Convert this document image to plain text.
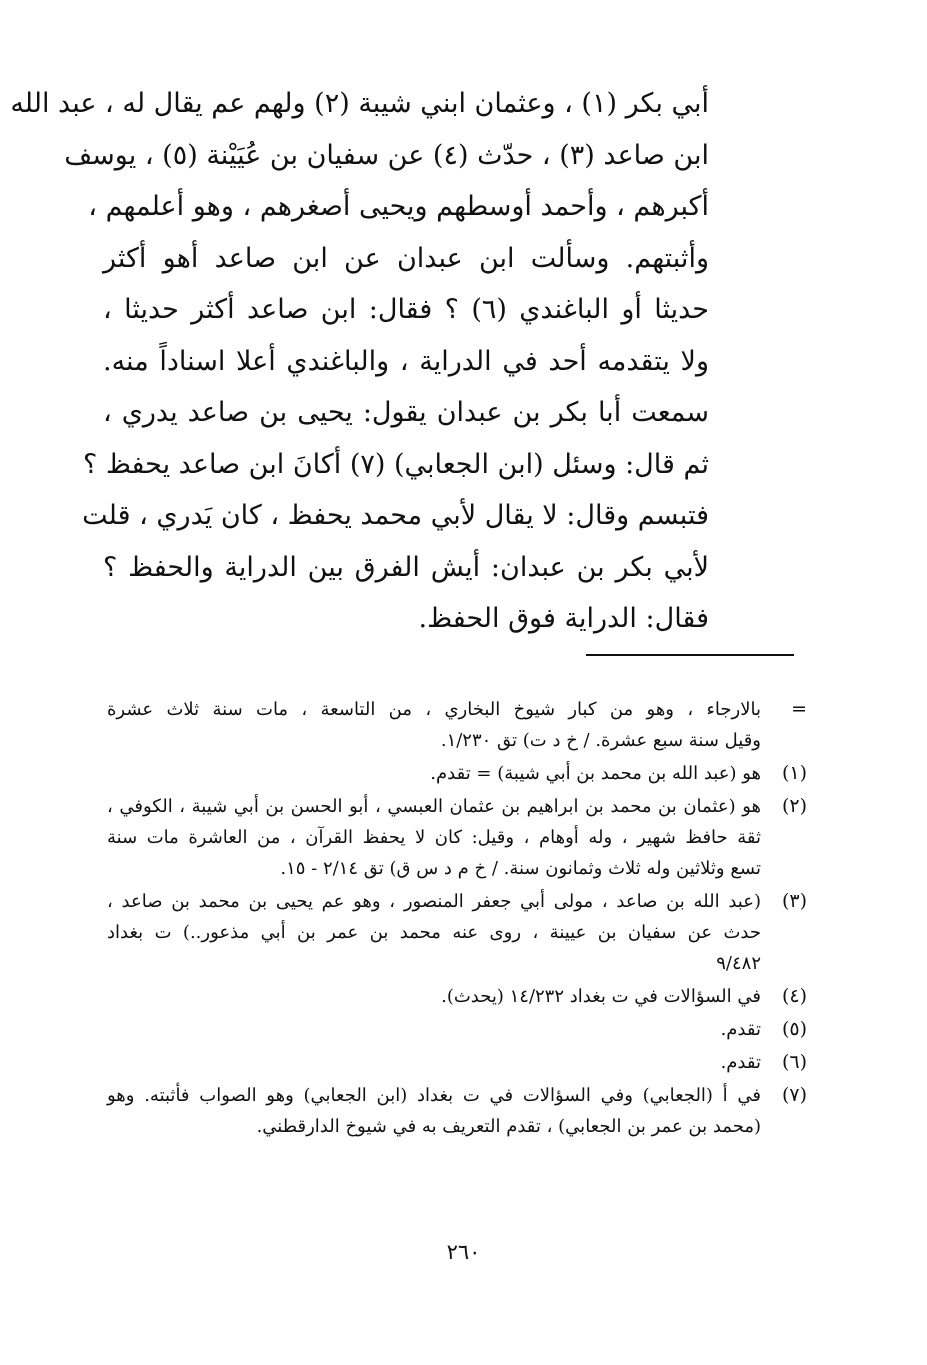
أبي بكر (١) ، وعثمان ابني شيبة (٢) ولهم عم يقال له ، عبد الله
ابن صاعد (٣) ، حدّث (٤) عن سفيان بن عُيَيْنة (٥) ، يوسف
أكبرهم ، وأحمد أوسطهم ويحيى أصغرهم ، وهو أعلمهم ،
وأثبتهم. وسألت ابن عبدان عن ابن صاعد أهو أكثر
حديثا أو الباغندي (٦) ؟ فقال: ابن صاعد أكثر حديثا ،
ولا يتقدمه أحد في الدراية ، والباغندي أعلا اسناداً منه.
سمعت أبا بكر بن عبدان يقول: يحيى بن صاعد يدري ،
ثم قال: وسئل (ابن الجعابي) (٧) أكانَ ابن صاعد يحفظ ؟
فتبسم وقال: لا يقال لأبي محمد يحفظ ، كان يَدري ، قلت
لأبي بكر بن عبدان: أيش الفرق بين الدراية والحفظ ؟
فقال: الدراية فوق الحفظ.
=
بالارجاء ، وهو من كبار شيوخ البخاري ، من التاسعة ، مات سنة ثلاث عشرة
وقيل سنة سبع عشرة. / خ د ت) تق ١/٢٣٠.
(١)
هو (عبد الله بن محمد بن أبي شيبة) = تقدم.
(٢)
هو (عثمان بن محمد بن ابراهيم بن عثمان العبسي ، أبو الحسن بن أبي شيبة ، الكوفي ،
ثقة حافظ شهير ، وله أوهام ، وقيل: كان لا يحفظ القرآن ، من العاشرة مات سنة
تسع وثلاثين وله ثلاث وثمانون سنة. / خ م د س ق) تق ٢/١٤ - ١٥.
(٣)
(عبد الله بن صاعد ، مولى أبي جعفر المنصور ، وهو عم يحيى بن محمد بن صاعد ،
حدث عن سفيان بن عيينة ، روى عنه محمد بن عمر بن أبي مذعور..) ت بغداد
٩/٤٨٢
(٤)
في السؤالات في ت بغداد ١٤/٢٣٢ (يحدث).
(٥)
تقدم.
(٦)
تقدم.
(٧)
في أ (الجعابي) وفي السؤالات في ت بغداد (ابن الجعابي) وهو الصواب فأثبته. وهو
(محمد بن عمر بن الجعابي) ، تقدم التعريف به في شيوخ الدارقطني.
٢٦٠
